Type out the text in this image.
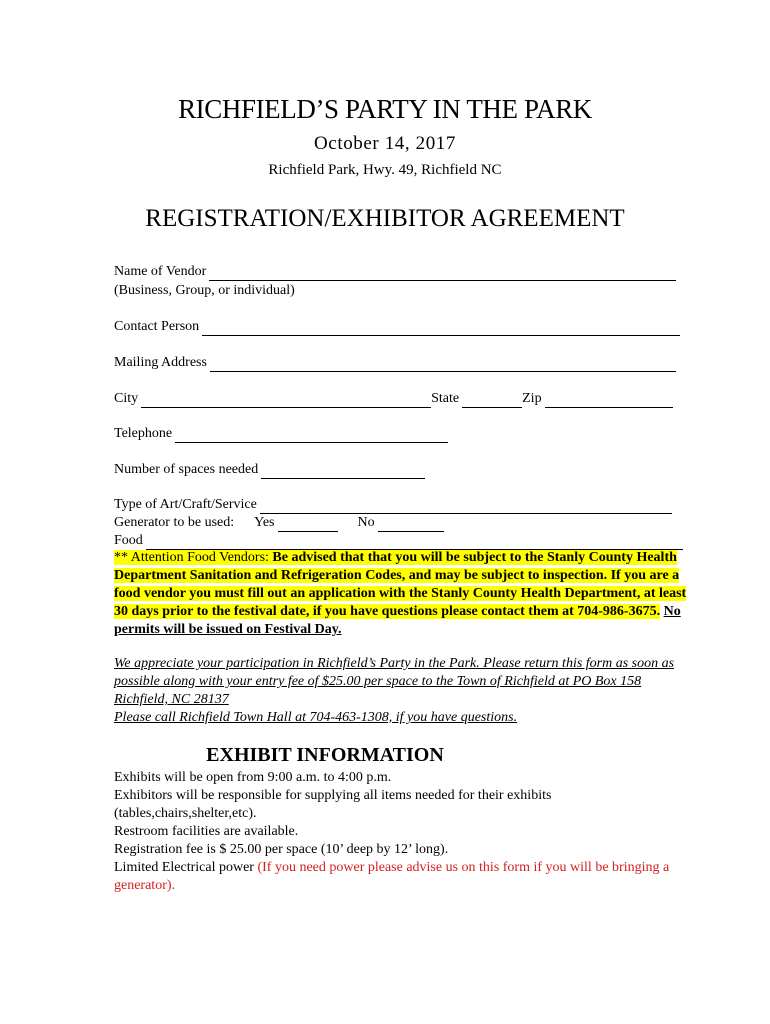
RICHFIELD’S PARTY IN THE PARK
October 14, 2017
Richfield Park, Hwy. 49, Richfield NC
REGISTRATION/EXHIBITOR AGREEMENT
Name of Vendor
(Business, Group, or individual)
Contact Person
Mailing Address
City	State	Zip
Telephone
Number of spaces needed
Type of Art/Craft/Service
Generator to be used: Yes	No
Food
** Attention Food Vendors: Be advised that that you will be subject to the Stanly County Health Department Sanitation and Refrigeration Codes, and may be subject to inspection. If you are a food vendor you must fill out an application with the Stanly County Health Department, at least 30 days prior to the festival date, if you have questions please contact them at 704-986-3675. No permits will be issued on Festival Day.
We appreciate your participation in Richfield’s Party in the Park. Please return this form as soon as possible along with your entry fee of $25.00 per space to the Town of Richfield at PO Box 158 Richfield, NC 28137
Please call Richfield Town Hall at 704-463-1308, if you have questions.
EXHIBIT INFORMATION
Exhibits will be open from 9:00 a.m. to 4:00 p.m.
Exhibitors will be responsible for supplying all items needed for their exhibits (tables,chairs,shelter,etc).
Restroom facilities are available.
Registration fee is $ 25.00 per space (10’ deep by 12’ long).
Limited Electrical power (If you need power please advise us on this form if you will be bringing a generator).
